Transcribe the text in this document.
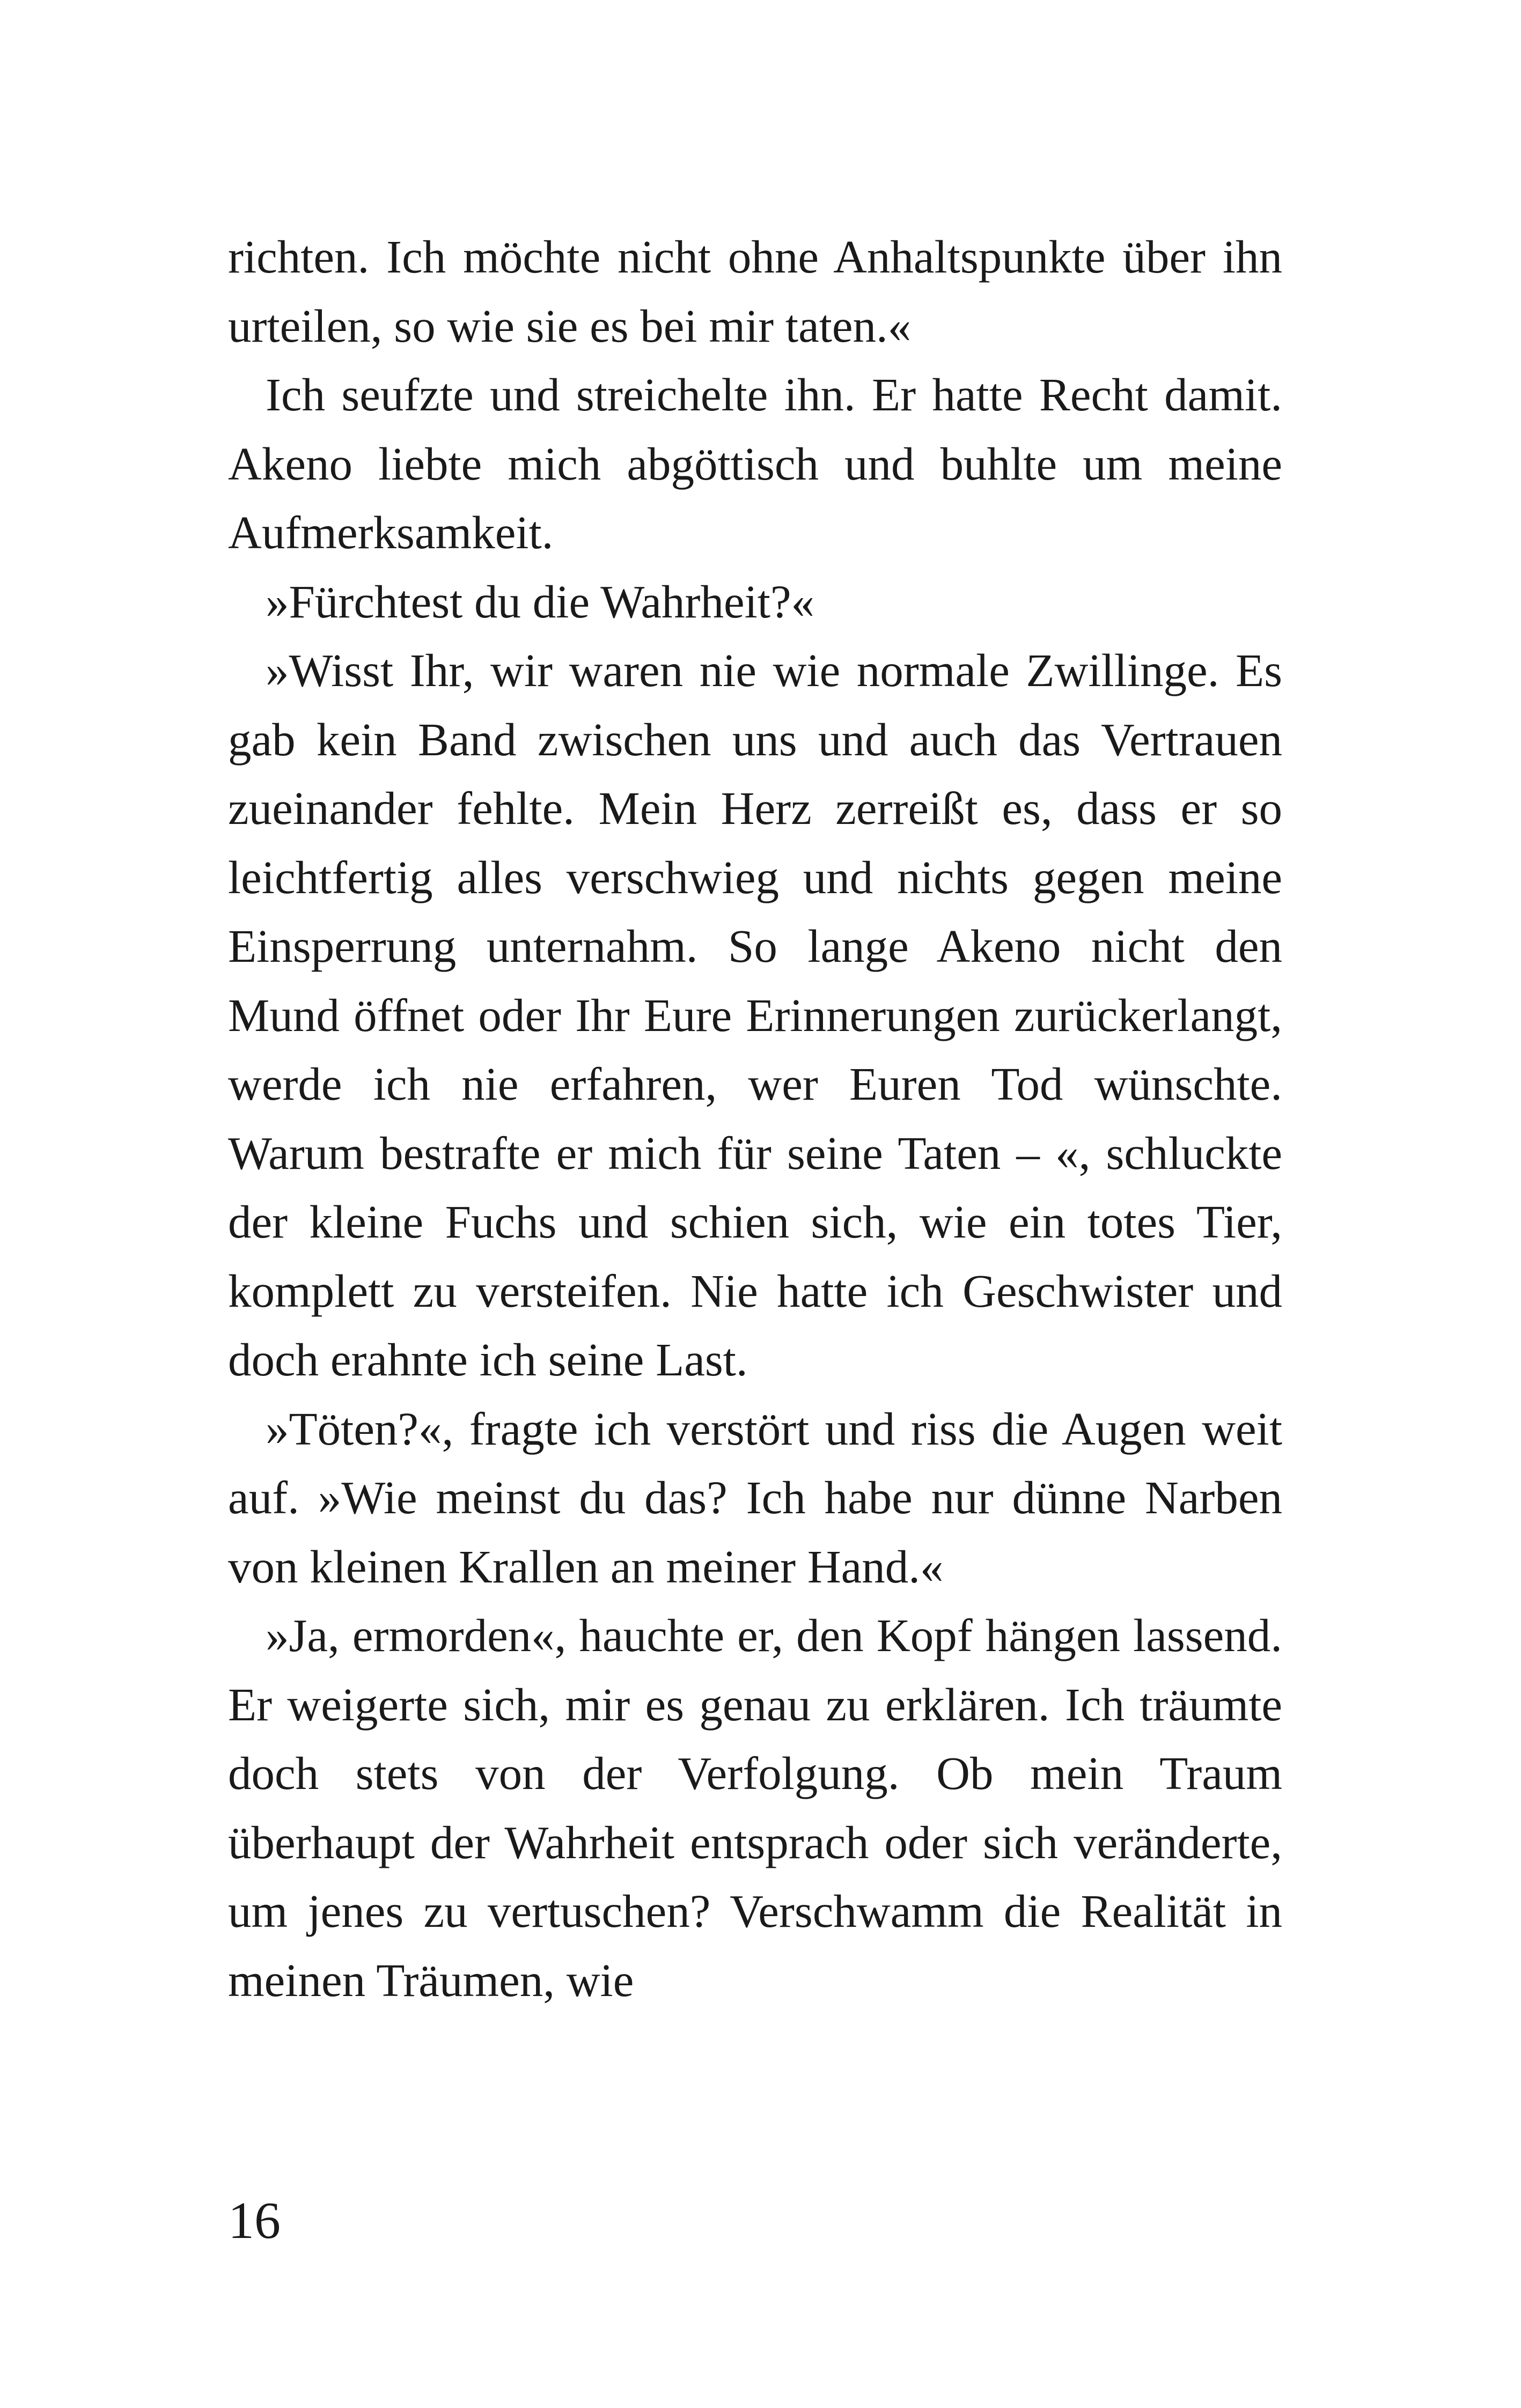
richten. Ich möchte nicht ohne Anhaltspunkte über ihn urteilen, so wie sie es bei mir taten.«

Ich seufzte und streichelte ihn. Er hatte Recht damit. Akeno liebte mich abgöttisch und buhlte um meine Aufmerksamkeit.

»Fürchtest du die Wahrheit?«

»Wisst Ihr, wir waren nie wie normale Zwillinge. Es gab kein Band zwischen uns und auch das Vertrauen zueinander fehlte. Mein Herz zerreißt es, dass er so leichtfertig alles verschwieg und nichts gegen meine Einsperrung unternahm. So lange Akeno nicht den Mund öffnet oder Ihr Eure Erinnerungen zurückerlangt, werde ich nie erfahren, wer Euren Tod wünschte. Warum bestrafte er mich für seine Taten – «, schluckte der kleine Fuchs und schien sich, wie ein totes Tier, komplett zu versteifen. Nie hatte ich Geschwister und doch erahnte ich seine Last.

»Töten?«, fragte ich verstört und riss die Augen weit auf. »Wie meinst du das? Ich habe nur dünne Narben von kleinen Krallen an meiner Hand.«

»Ja, ermorden«, hauchte er, den Kopf hängen lassend. Er weigerte sich, mir es genau zu erklären. Ich träumte doch stets von der Verfolgung. Ob mein Traum überhaupt der Wahrheit entsprach oder sich veränderte, um jenes zu vertuschen? Verschwamm die Realität in meinen Träumen, wie

16
